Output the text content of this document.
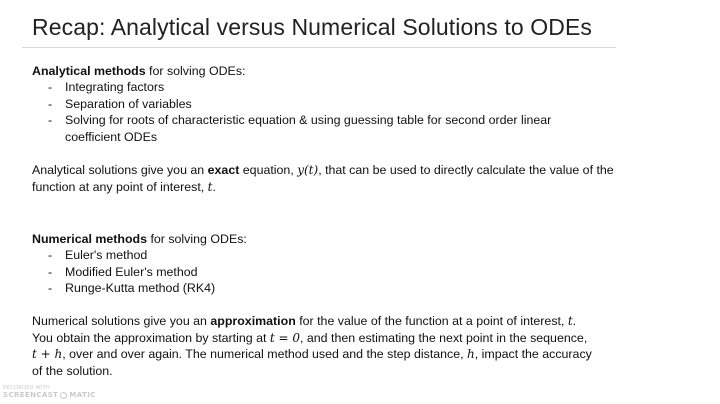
Recap: Analytical versus Numerical Solutions to ODEs
Analytical methods for solving ODEs:
- Integrating factors
- Separation of variables
- Solving for roots of characteristic equation & using guessing table for second order linear coefficient ODEs

Analytical solutions give you an exact equation, y(t), that can be used to directly calculate the value of the function at any point of interest, t.

Numerical methods for solving ODEs:
- Euler's method
- Modified Euler's method
- Runge-Kutta method (RK4)

Numerical solutions give you an approximation for the value of the function at a point of interest, t. You obtain the approximation by starting at t = 0, and then estimating the next point in the sequence, t + h, over and over again. The numerical method used and the step distance, h, impact the accuracy of the solution.

RECORDED WITH
SCREENCAST MATIC
